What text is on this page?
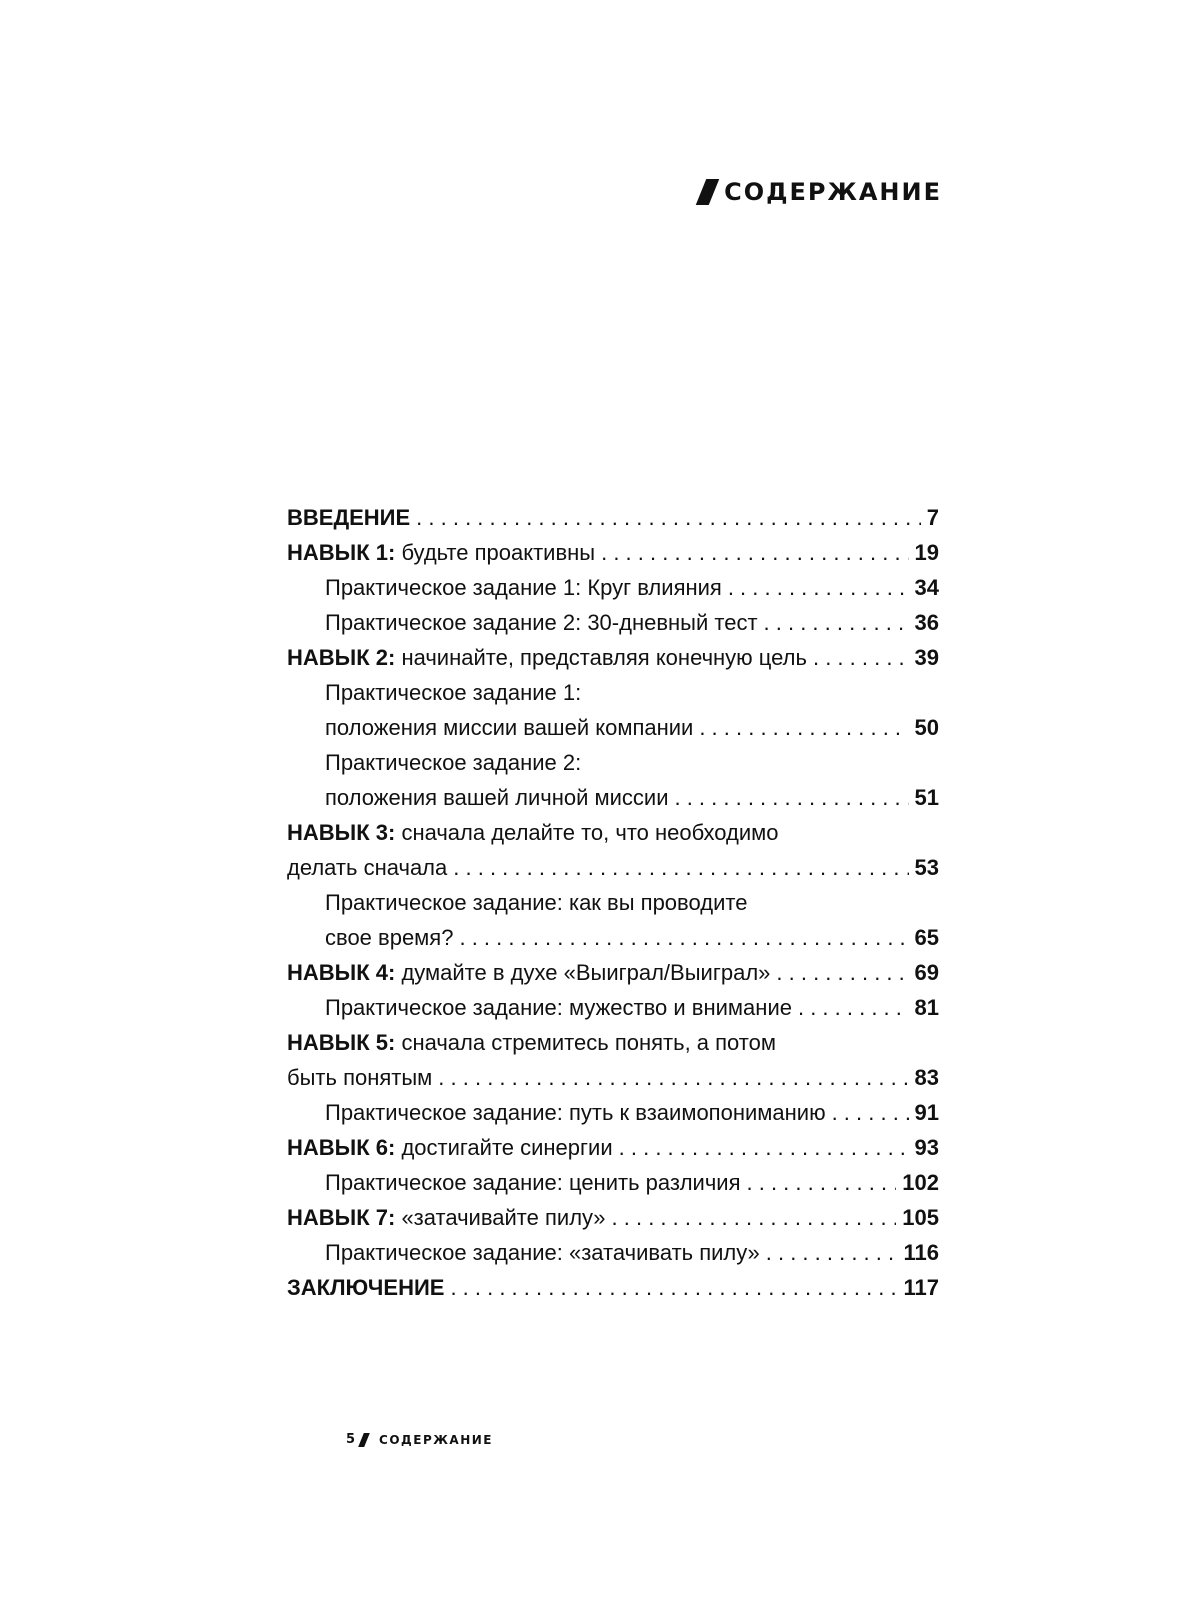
СОДЕРЖАНИЕ
ВВЕДЕНИЕ . . .	7
НАВЫК 1:
будьте проактивны . . .	19
Практическое задание 1: Круг влияния . . .	34
Практическое задание 2: 30-дневный тест . . .	36
НАВЫК 2:
начинайте, представляя конечную цель . . .	39
Практическое задание 1:
положения миссии вашей компании . . .	50
Практическое задание 2:
положения вашей личной миссии . . .	51
НАВЫК 3:
сначала делайте то, что необходимо
делать сначала . . .	53
Практическое задание: как вы проводите
свое время? . . .	65
НАВЫК 4:
думайте в духе «Выиграл/Выиграл» . . .	69
Практическое задание: мужество и внимание . . .	81
НАВЫК 5:
сначала стремитесь понять, а потом
быть понятым . . .	83
Практическое задание: путь к взаимопониманию . . .	91
НАВЫК 6:
достигайте синергии . . .	93
Практическое задание: ценить различия . . .	102
НАВЫК 7:
«затачивайте пилу» . . .	105
Практическое задание: «затачивать пилу» . . .	116
ЗАКЛЮЧЕНИЕ . . .	117
5 СОДЕРЖАНИЕ
